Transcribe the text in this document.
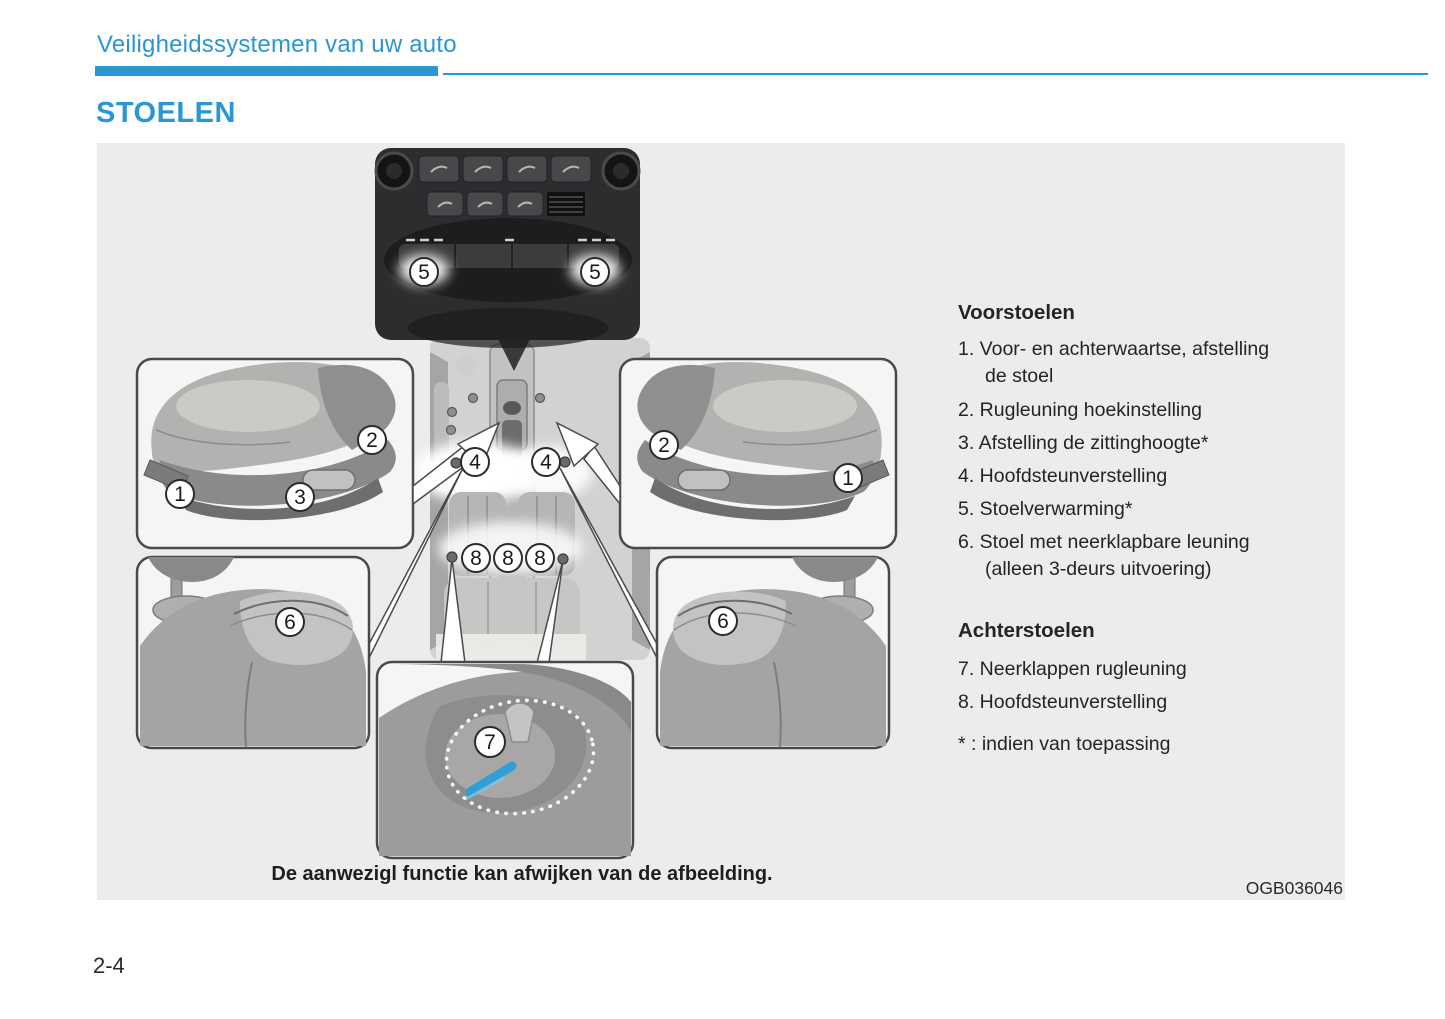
Veiligheidssystemen van uw auto
STOELEN
5	5
4	4
8 8 8
1
2
3
2
1
6	6
7
Voorstoelen
1. Voor- en achterwaartse, afstelling
de stoel
2. Rugleuning hoekinstelling
3. Afstelling de zittinghoogte*
4. Hoofdsteunverstelling
5. Stoelverwarming*
6. Stoel met neerklapbare leuning
(alleen 3-deurs uitvoering)
Achterstoelen
7. Neerklappen rugleuning
8. Hoofdsteunverstelling
* : indien van toepassing
De aanwezigl functie kan afwijken van de afbeelding.
OGB036046
2-4
